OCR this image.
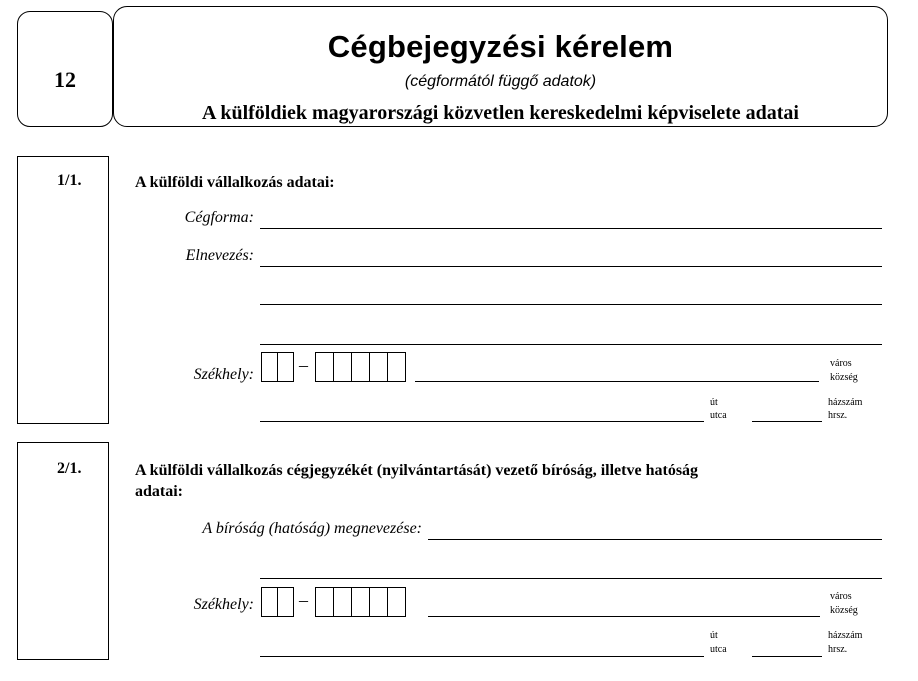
12
Cégbejegyzési kérelem
(cégformától függő adatok)
A külföldiek magyarországi közvetlen kereskedelmi képviselete adatai
1/1.	A külföldi vállalkozás adatai:
Cégforma:
Elnevezés:
Székhely:	–	város
község
út
utca
házszám
hrsz.
2/1.	A külföldi vállalkozás cégjegyzékét (nyilvántartását) vezető bíróság, illetve hatóság
adatai:
A bíróság (hatóság) megnevezése:
Székhely:	–	város
község
út
utca
házszám
hrsz.
